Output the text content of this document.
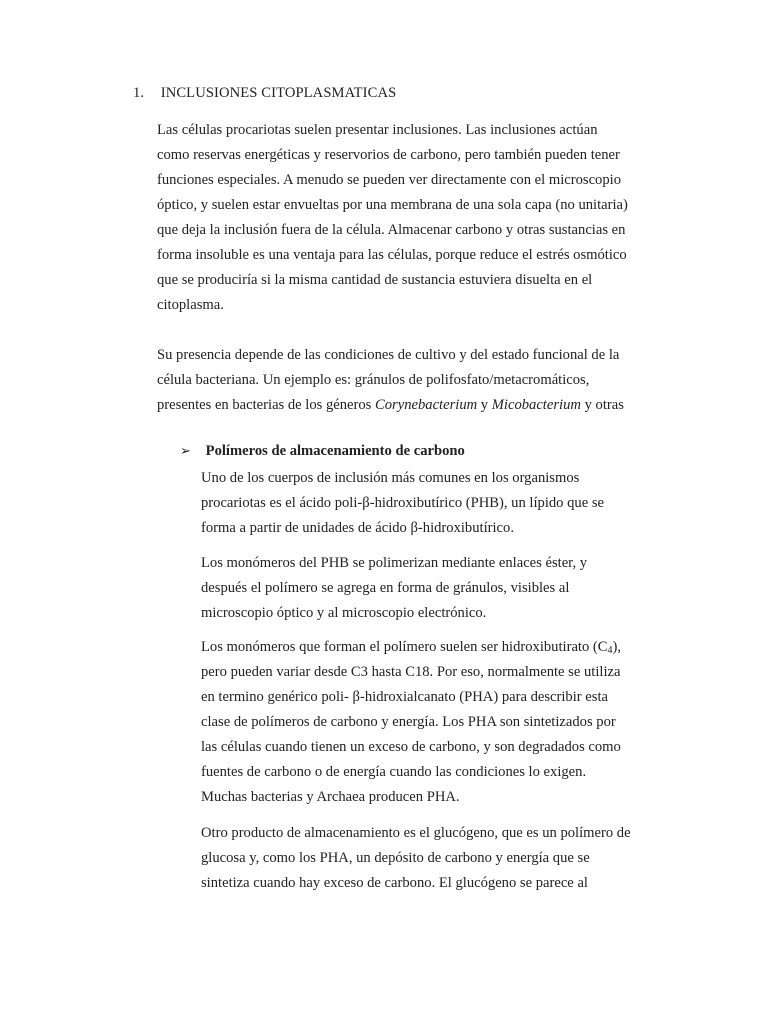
1. INCLUSIONES CITOPLASMATICAS

Las células procariotas suelen presentar inclusiones. Las inclusiones actúan
como reservas energéticas y reservorios de carbono, pero también pueden tener
funciones especiales. A menudo se pueden ver directamente con el microscopio
óptico, y suelen estar envueltas por una membrana de una sola capa (no unitaria)
que deja la inclusión fuera de la célula. Almacenar carbono y otras sustancias en
forma insoluble es una ventaja para las células, porque reduce el estrés osmótico
que se produciría si la misma cantidad de sustancia estuviera disuelta en el
citoplasma.

Su presencia depende de las condiciones de cultivo y del estado funcional de la
célula bacteriana. Un ejemplo es: gránulos de polifosfato/metacromáticos,
presentes en bacterias de los géneros Corynebacterium y Micobacterium y otras

➢ Polímeros de almacenamiento de carbono

Uno de los cuerpos de inclusión más comunes en los organismos
procariotas es el ácido poli-β-hidroxibutírico (PHB), un lípido que se
forma a partir de unidades de ácido β-hidroxibutírico.

Los monómeros del PHB se polimerizan mediante enlaces éster, y
después el polímero se agrega en forma de gránulos, visibles al
microscopio óptico y al microscopio electrónico.

Los monómeros que forman el polímero suelen ser hidroxibutirato $(C_4)$,
pero pueden variar desde C3 hasta C18. Por eso, normalmente se utiliza
en termino genérico poli- β-hidroxialcanato (PHA) para describir esta
clase de polímeros de carbono y energía. Los PHA son sintetizados por
las células cuando tienen un exceso de carbono, y son degradados como
fuentes de carbono o de energía cuando las condiciones lo exigen.
Muchas bacterias y Archaea producen PHA.

Otro producto de almacenamiento es el glucógeno, que es un polímero de
glucosa y, como los PHA, un depósito de carbono y energía que se
sintetiza cuando hay exceso de carbono. El glucógeno se parece al
